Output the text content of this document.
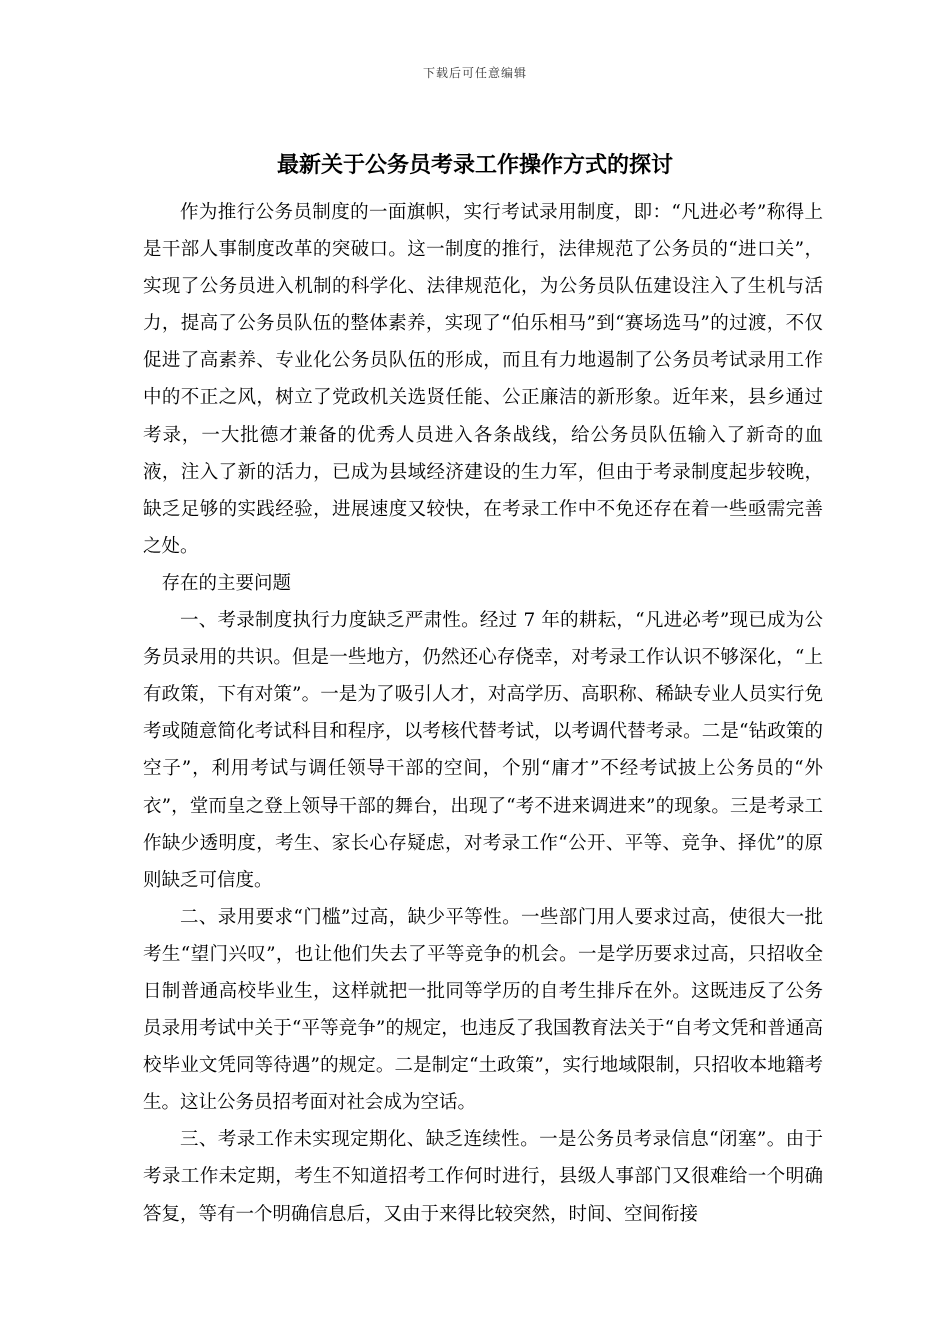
下载后可任意编辑
最新关于公务员考录工作操作方式的探讨

作为推行公务员制度的一面旗帜，实行考试录用制度，即：“凡进必考”称得上是干部人事制度改革的突破口。这一制度的推行，法律规范了公务员的“进口关”，实现了公务员进入机制的科学化、法律规范化，为公务员队伍建设注入了生机与活力，提高了公务员队伍的整体素养，实现了“伯乐相马”到“赛场选马”的过渡，不仅促进了高素养、专业化公务员队伍的形成，而且有力地遏制了公务员考试录用工作中的不正之风，树立了党政机关选贤任能、公正廉洁的新形象。近年来，县乡通过考录，一大批德才兼备的优秀人员进入各条战线，给公务员队伍输入了新奇的血液，注入了新的活力，已成为县域经济建设的生力军，但由于考录制度起步较晚，缺乏足够的实践经验，进展速度又较快，在考录工作中不免还存在着一些亟需完善之处。

存在的主要问题

一、考录制度执行力度缺乏严肃性。经过 7 年的耕耘，“凡进必考”现已成为公务员录用的共识。但是一些地方，仍然还心存侥幸，对考录工作认识不够深化，“上有政策，下有对策”。一是为了吸引人才，对高学历、高职称、稀缺专业人员实行免考或随意简化考试科目和程序，以考核代替考试，以考调代替考录。二是“钻政策的空子”，利用考试与调任领导干部的空间，个别“庸才”不经考试披上公务员的“外衣”，堂而皇之登上领导干部的舞台，出现了“考不进来调进来”的现象。三是考录工作缺少透明度，考生、家长心存疑虑，对考录工作“公开、平等、竞争、择优”的原则缺乏可信度。

二、录用要求“门槛”过高，缺少平等性。一些部门用人要求过高，使很大一批考生“望门兴叹”，也让他们失去了平等竞争的机会。一是学历要求过高，只招收全日制普通高校毕业生，这样就把一批同等学历的自考生排斥在外。这既违反了公务员录用考试中关于“平等竞争”的规定，也违反了我国教育法关于“自考文凭和普通高校毕业文凭同等待遇”的规定。二是制定“土政策”，实行地域限制，只招收本地籍考生。这让公务员招考面对社会成为空话。

三、考录工作未实现定期化、缺乏连续性。一是公务员考录信息“闭塞”。由于考录工作未定期，考生不知道招考工作何时进行，县级人事部门又很难给一个明确答复，等有一个明确信息后，又由于来得比较突然，时间、空间衔接
